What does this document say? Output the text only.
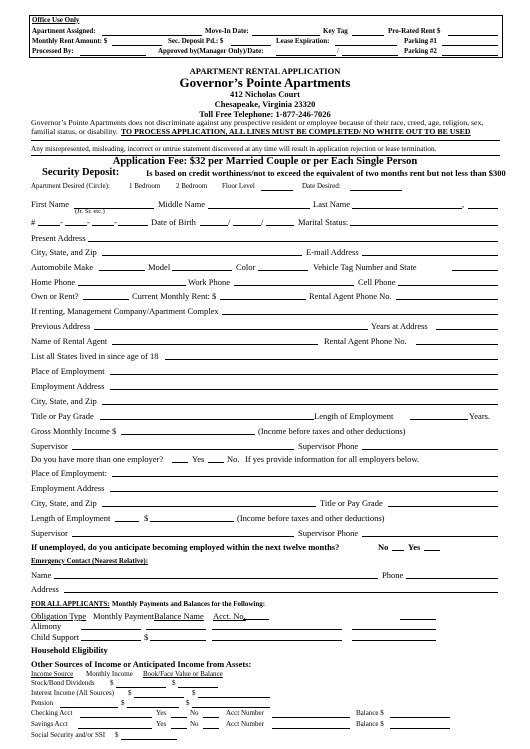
Office Use Only
Apartment Assigned:	Move-In Date:	Key Tag	Pro-Rated Rent $
Monthly Rent Amount: $	Sec. Deposit Pd.: $	Lease Expiration:	Parking #1
Processed By:	Approved by(Manager Only)/Date:	/	Parking #2
APARTMENT RENTAL APPLICATION
Governor’s Pointe Apartments
412 Nicholas Court
Chesapeake, Virginia 23320
Toll Free Telephone: 1-877-246-7026
Governor’s Pointe Apartments does not discriminate against any prospective resident or employee because of their race, creed, age, religion, sex,
familial status, or disability. TO PROCESS APPLICATION, ALL LINES MUST BE COMPLETED/ NO WHITE OUT TO BE USED
Any misrepresented, misleading, incorrect or untrue statement discovered at any time will result in application rejection or lease termination.
Application Fee: $32 per Married Couple or per Each Single Person
Security Deposit:	Is based on credit worthiness/not to exceed the equivalent of two months rent but not less than $300
Apartment Desired (Circle):	1 Bedroom 2 Bedroom Floor Level	Date Desired:
First Name	Middle Name	Last Name	,
(Jr. Sr. etc.)
#	-	-	-	Date of Birth	/	/	Marital Status:
Present Address
City, State, and Zip	E-mail Address
Automobile Make	Model	Color	Vehicle Tag Number and State
Home Phone	Work Phone	Cell Phone
Own or Rent?	Current Monthly Rent: $	Rental Agent Phone No.
If renting, Management Company/Apartment Complex
Previous Address	Years at Address
Name of Rental Agent	Rental Agent Phone No.
List all States lived in since age of 18
Place of Employment
Employment Address
City, State, and Zip
Title or Pay Grade	Length of Employment	Years.
Gross Monthly Income $	(Income before taxes and other deductions)
Supervisor	Supervisor Phone
Do you have more than one employer?	Yes	No. If yes provide information for all employers below.
Place of Employment:
Employment Address
City, State, and Zip	Title or Pay Grade
Length of Employment	$	(Income before taxes and other deductions)
Supervisor	Supervisor Phone
If unemployed, do you anticipate becoming employed within the next twelve months?	No Yes
Emergency Contact (Nearest Relative):
Name	Phone
Address
FOR ALL APPLICANTS: Monthly Payments and Balances for the Following:
Obligation Type Monthly Payment Balance Name Acct. No.
Alimony
Child Support	$
Household Eligibility
Other Sources of Income or Anticipated Income from Assets:
Income Source Monthly Income Book/Face Value or Balance
Stock/Bond Dividends $	$
Interest Income (All Sources) $	$
Pension	$	$
Checking Acct	Yes	No	Acct Number	Balance $
Savings Acct	Yes	No	Acct Number	Balance $
Social Security and/or SSI $
